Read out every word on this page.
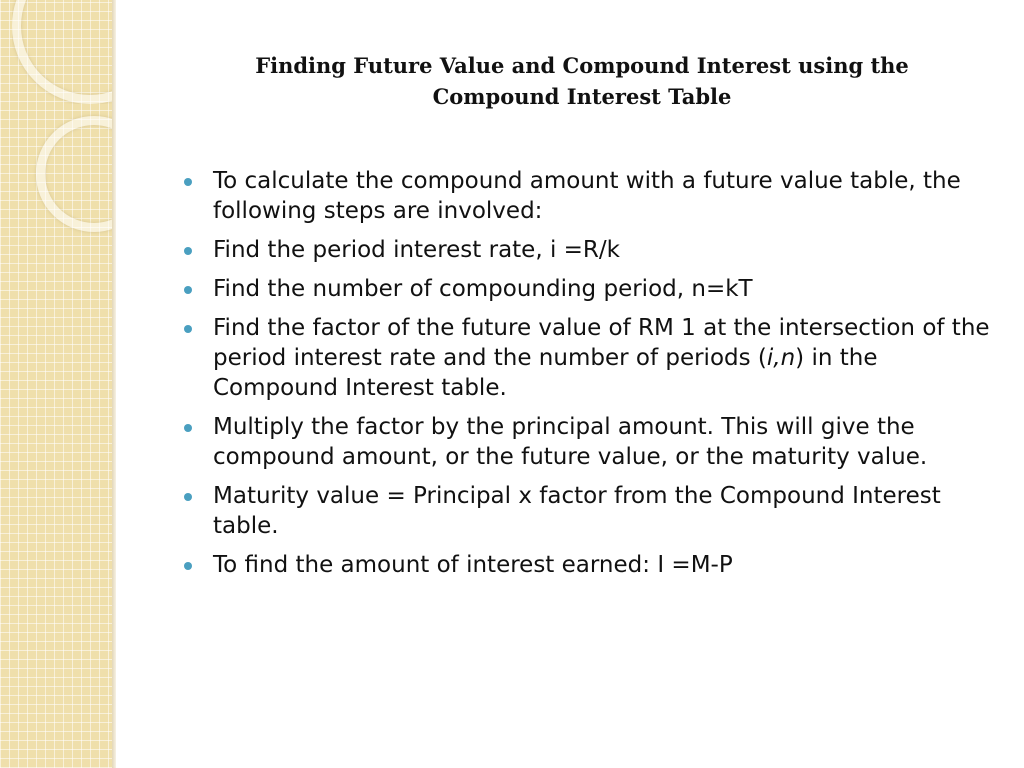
Finding Future Value and Compound Interest using the
Compound Interest Table
To calculate the compound amount with a future value table, the following steps are involved:
Find the period interest rate, i =R/k
Find the number of compounding period, n=kT
Find the factor of the future value of RM 1 at the intersection of the period interest rate and the number of periods (i,n) in the Compound Interest table.
Multiply the factor by the principal amount. This will give the compound amount, or the future value, or the maturity value.
Maturity value = Principal x factor from the Compound Interest table.
To find the amount of interest earned: I =M-P
